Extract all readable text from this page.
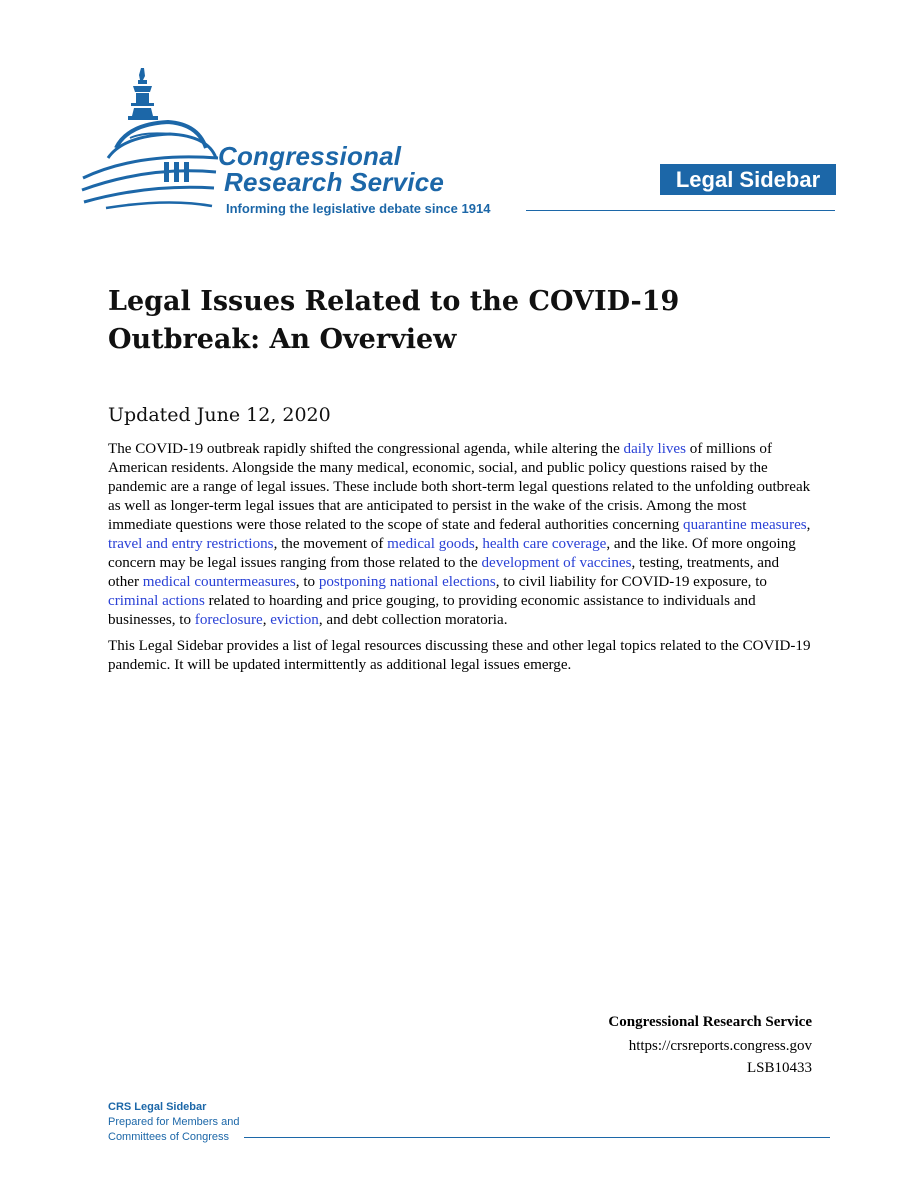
Congressional
Research Service
Informing the legislative debate since 1914
Legal Sidebar
Legal Issues Related to the COVID-19 Outbreak: An Overview
Updated June 12, 2020

The COVID-19 outbreak rapidly shifted the congressional agenda, while altering the daily lives of millions of American residents. Alongside the many medical, economic, social, and public policy questions raised by the pandemic are a range of legal issues. These include both short-term legal questions related to the unfolding outbreak as well as longer-term legal issues that are anticipated to persist in the wake of the crisis. Among the most immediate questions were those related to the scope of state and federal authorities concerning quarantine measures, travel and entry restrictions, the movement of medical goods, health care coverage, and the like. Of more ongoing concern may be legal issues ranging from those related to the development of vaccines, testing, treatments, and other medical countermeasures, to postponing national elections, to civil liability for COVID-19 exposure, to criminal actions related to hoarding and price gouging, to providing economic assistance to individuals and businesses, to foreclosure, eviction, and debt collection moratoria.

This Legal Sidebar provides a list of legal resources discussing these and other legal topics related to the COVID-19 pandemic. It will be updated intermittently as additional legal issues emerge.

Congressional Research Service
https://crsreports.congress.gov
LSB10433
CRS Legal Sidebar
Prepared for Members and
Committees of Congress
